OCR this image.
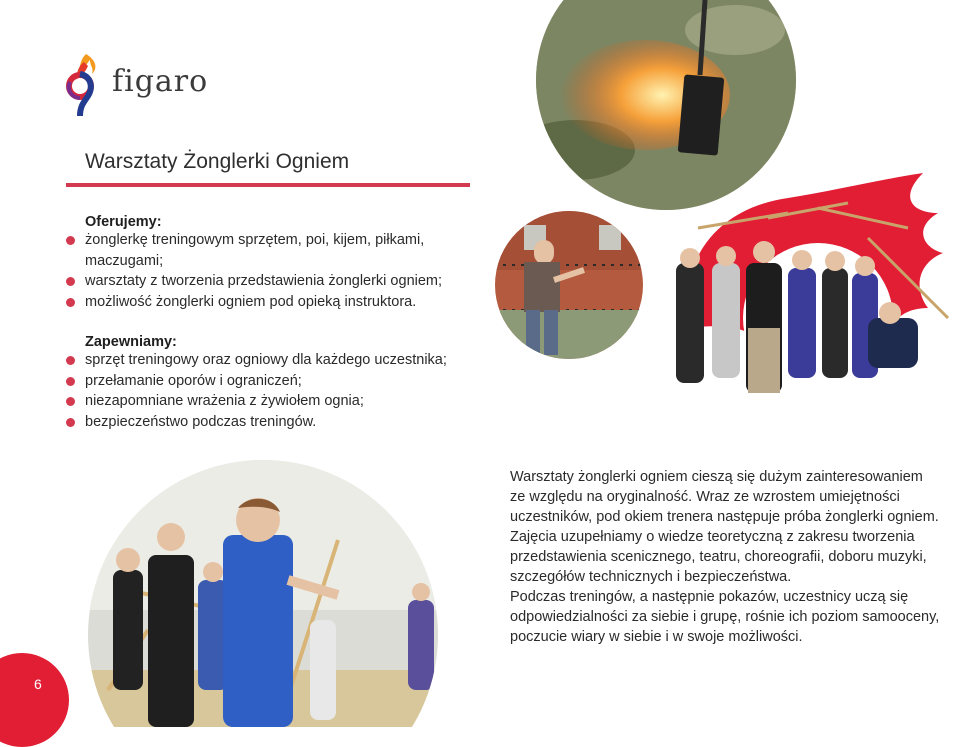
figaro
Warsztaty Żonglerki Ogniem
Oferujemy:
żonglerkę treningowym sprzętem, poi, kijem, piłkami,
maczugami;
warsztaty z tworzenia przedstawienia żonglerki ogniem;
możliwość żonglerki ogniem pod opieką instruktora.
Zapewniamy:
sprzęt treningowy oraz ogniowy dla każdego uczestnika;
przełamanie oporów i ograniczeń;
niezapomniane wrażenia z żywiołem ognia;
bezpieczeństwo podczas treningów.

Warsztaty żonglerki ogniem cieszą się dużym zainteresowaniem ze względu na oryginalność. Wraz ze wzrostem umiejętności uczestników, pod okiem trenera następuje próba żonglerki ogniem.

Zajęcia uzupełniamy o wiedze teoretyczną z zakresu tworzenia przedstawienia scenicznego, teatru, choreografii, doboru muzyki, szczegółów technicznych i bezpieczeństwa.

Podczas treningów, a następnie pokazów, uczestnicy uczą się odpowiedzialności za siebie i grupę, rośnie ich poziom samooceny, poczucie wiary w siebie i w swoje możliwości.

6
